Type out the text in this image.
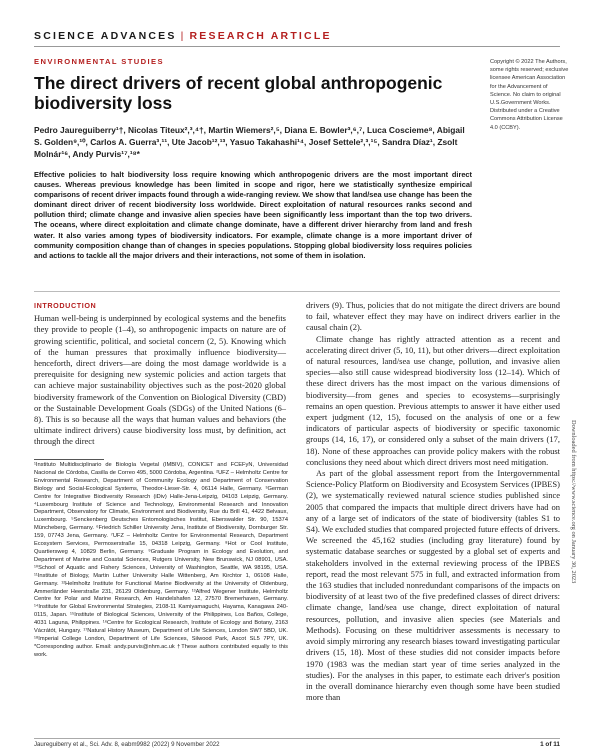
SCIENCE ADVANCES | RESEARCH ARTICLE
ENVIRONMENTAL STUDIES
The direct drivers of recent global anthropogenic biodiversity loss

Pedro Jaureguiberry¹†, Nicolas Titeux²,³,⁴†, Martin Wiemers²,⁵, Diana E. Bowler³,⁶,⁷, Luca Coscieme⁸, Abigail S. Golden⁹,¹⁰, Carlos A. Guerra³,¹¹, Ute Jacob¹²,¹³, Yasuo Takahashi¹⁴, Josef Settele²,³,¹⁵, Sandra Díaz¹, Zsolt Molnár¹⁶, Andy Purvis¹⁷,¹⁸*

Copyright © 2022 The Authors, some rights reserved; exclusive licensee American Association for the Advancement of Science. No claim to original U.S.Government Works. Distributed under a Creative Commons Attribution License 4.0 (CCBY).

Effective policies to halt biodiversity loss require knowing which anthropogenic drivers are the most important direct causes. Whereas previous knowledge has been limited in scope and rigor, here we statistically synthesize empirical comparisons of recent driver impacts found through a wide-ranging review. We show that land/sea use change has been the dominant direct driver of recent biodiversity loss worldwide. Direct exploitation of natural resources ranks second and pollution third; climate change and invasive alien species have been significantly less important than the top two drivers. The oceans, where direct exploitation and climate change dominate, have a different driver hierarchy from land and fresh water. It also varies among types of biodiversity indicators. For example, climate change is a more important driver of community composition change than of changes in species populations. Stopping global biodiversity loss requires policies and actions to tackle all the major drivers and their interactions, not some of them in isolation.

INTRODUCTION

Human well-being is underpinned by ecological systems and the benefits they provide to people (1–4), so anthropogenic impacts on nature are of growing scientific, political, and societal concern (2, 5). Knowing which of the human pressures that proximally influence biodiversity—henceforth, direct drivers—are doing the most damage worldwide is a prerequisite for designing new systemic policies and action targets that can achieve major sustainability objectives such as the post-2020 global biodiversity framework of the Convention on Biological Diversity (CBD) or the Sustainable Development Goals (SDGs) of the United Nations (6–8). This is so because all the ways that human values and behaviors (the ultimate indirect drivers) cause biodiversity loss must, by definition, act through the direct

¹Instituto Multidisciplinario de Biología Vegetal (IMBIV), CONICET and FCEFyN, Universidad Nacional de Córdoba, Casilla de Correo 495, 5000 Córdoba, Argentina. ²UFZ – Helmholtz Centre for Environmental Research, Department of Community Ecology and Department of Conservation Biology and Social-Ecological Systems, Theodor-Lieser-Str. 4, 06114 Halle, Germany. ³German Centre for Integrative Biodiversity Research (iDiv) Halle-Jena-Leipzig, 04103 Leipzig, Germany. ⁴Luxembourg Institute of Science and Technology, Environmental Research and Innovation Department, Observatory for Climate, Environment and Biodiversity, Rue du Brill 41, 4422 Belvaux, Luxembourg. ⁵Senckenberg Deutsches Entomologisches Institut, Eberswalder Str. 90, 15374 Müncheberg, Germany. ⁶Friedrich Schiller University Jena, Institute of Biodiversity, Dornburger Str. 159, 07743 Jena, Germany. ⁷UFZ – Helmholtz Centre for Environmental Research, Department Ecosystem Services, Permoserstraße 15, 04318 Leipzig, Germany. ⁸Hot or Cool Institute, Quartiersweg 4, 10829 Berlin, Germany. ⁹Graduate Program in Ecology and Evolution, and Department of Marine and Coastal Sciences, Rutgers University, New Brunswick, NJ 08901, USA. ¹⁰School of Aquatic and Fishery Sciences, University of Washington, Seattle, WA 98195, USA. ¹¹Institute of Biology, Martin Luther University Halle Wittenberg, Am Kirchtor 1, 06108 Halle, Germany. ¹²Helmholtz Institute for Functional Marine Biodiversity at the University of Oldenburg, Ammerländer Heerstraße 231, 26129 Oldenburg, Germany. ¹³Alfred Wegener Institute, Helmholtz Centre for Polar and Marine Research, Am Handelshafen 12, 27570 Bremerhaven, Germany. ¹⁴Institute for Global Environmental Strategies, 2108-11 Kamiyamaguchi, Hayama, Kanagawa 240-0115, Japan. ¹⁵Institute of Biological Sciences, University of the Philippines, Los Baños, College, 4031 Laguna, Philippines. ¹⁶Centre for Ecological Research, Institute of Ecology and Botany, 2163 Vácrátót, Hungary. ¹⁷Natural History Museum, Department of Life Sciences, London SW7 5BD, UK. ¹⁸Imperial College London, Department of Life Sciences, Silwood Park, Ascot SL5 7PY, UK. *Corresponding author. Email: andy.purvis@nhm.ac.uk †These authors contributed equally to this work.

drivers (9). Thus, policies that do not mitigate the direct drivers are bound to fail, whatever effect they may have on indirect drivers earlier in the causal chain (2).

Climate change has rightly attracted attention as a recent and accelerating direct driver (5, 10, 11), but other drivers—direct exploitation of natural resources, land/sea use change, pollution, and invasive alien species—also still cause widespread biodiversity loss (12–14). Which of these direct drivers has the most impact on the various dimensions of biodiversity—from genes and species to ecosystems—surprisingly remains an open question. Previous attempts to answer it have either used expert judgment (12, 15), focused on the analysis of one or a few indicators of particular aspects of biodiversity or specific taxonomic groups (14, 16, 17), or considered only a subset of the main drivers (17, 18). None of these approaches can provide policy makers with the robust conclusions they need about which direct drivers most need mitigation.

As part of the global assessment report from the Intergovernmental Science-Policy Platform on Biodiversity and Ecosystem Services (IPBES) (2), we systematically reviewed natural science studies published since 2005 that compared the impacts that multiple direct drivers have had on any of a large set of indicators of the state of biodiversity (tables S1 to S4). We excluded studies that compared projected future effects of drivers. We screened the 45,162 studies (including gray literature) found by systematic database searches or suggested by a global set of experts and stakeholders involved in the external reviewing process of the IPBES report, read the most relevant 575 in full, and extracted information from the 163 studies that included nonredundant comparisons of the impacts on biodiversity of at least two of the five predefined classes of direct drivers: climate change, land/sea use change, direct exploitation of natural resources, pollution, and invasive alien species (see Materials and Methods). Focusing on these multidriver assessments is necessary to avoid simply mirroring any research biases toward investigating particular drivers (15, 18). Most of these studies did not consider impacts before 1970 (1983 was the median start year of time series analyzed in the studies). For the analyses in this paper, to estimate each driver's position in the overall dominance hierarchy even though some have been studied more than

Downloaded from https://www.science.org on January 30, 2023
Jaureguiberry et al., Sci. Adv. 8, eabm9982 (2022) 9 November 2022	1 of 11
